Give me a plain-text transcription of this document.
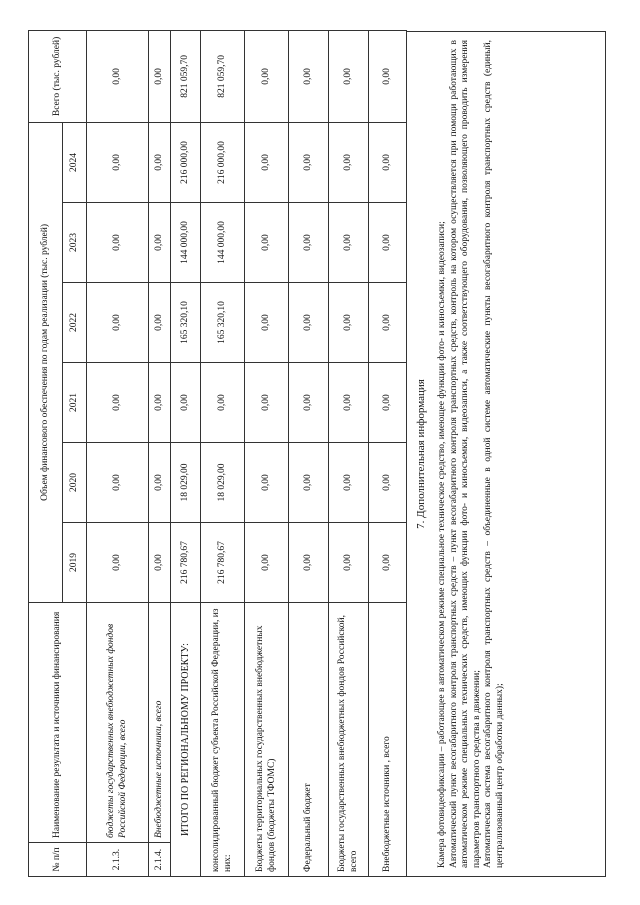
№ п/п	Наименование результата и источники финансирования	Объем финансового обеспечения по годам реализации (тыс. рублей)						Всего (тыс. рублей)
		2019	2020	2021	2022	2023	2024	
2.1.3.	бюджеты государственных внебюджетных фондов Российской Федерации, всего	0,00	0,00	0,00	0,00	0,00	0,00	0,00
2.1.4.	Внебюджетные источники, всего	0,00	0,00	0,00	0,00	0,00	0,00	0,00
ИТОГО ПО РЕГИОНАЛЬНОМУ ПРОЕКТУ:		216 780,67	18 029,00	0,00	165 320,10	144 000,00	216 000,00	821 059,70
консолидированный бюджет субъекта Российской Федерации, из них:		216 780,67	18 029,00	0,00	165 320,10	144 000,00	216 000,00	821 059,70
Бюджеты территориальных государственных внебюджетных фондов (бюджеты ТФОМС)		0,00	0,00	0,00	0,00	0,00	0,00	0,00
Федеральный бюджет		0,00	0,00	0,00	0,00	0,00	0,00	0,00
Бюджеты государственных внебюджетных фондов Российской, всего		0,00	0,00	0,00	0,00	0,00	0,00	0,00
Внебюджетные источники , всего		0,00	0,00	0,00	0,00	0,00	0,00	0,00
7. Дополнительная информация Камера фотовидеофиксации – работающее в автоматическом режиме специальное техническое средство, имеющее функции фото- и киносъемки, видеозаписи; Автоматический пункт весогабаритного контроля транспортных средств – пункт весогабаритного контроля транспортных средств, контроль на котором осуществляется при помощи работающих в автоматическом режиме специальных технических средств, имеющих функции фото- и киносъемки, видеозаписи, а также соответствующего оборудования, позволяющего проводить измерения параметров транспортного средства в движении; Автоматическая система весогабаритного контроля транспортных средств – объединенные в одной системе автоматические пункты весогабаритного контроля транспортных средств (единый, централизованный центр обработки данных);
